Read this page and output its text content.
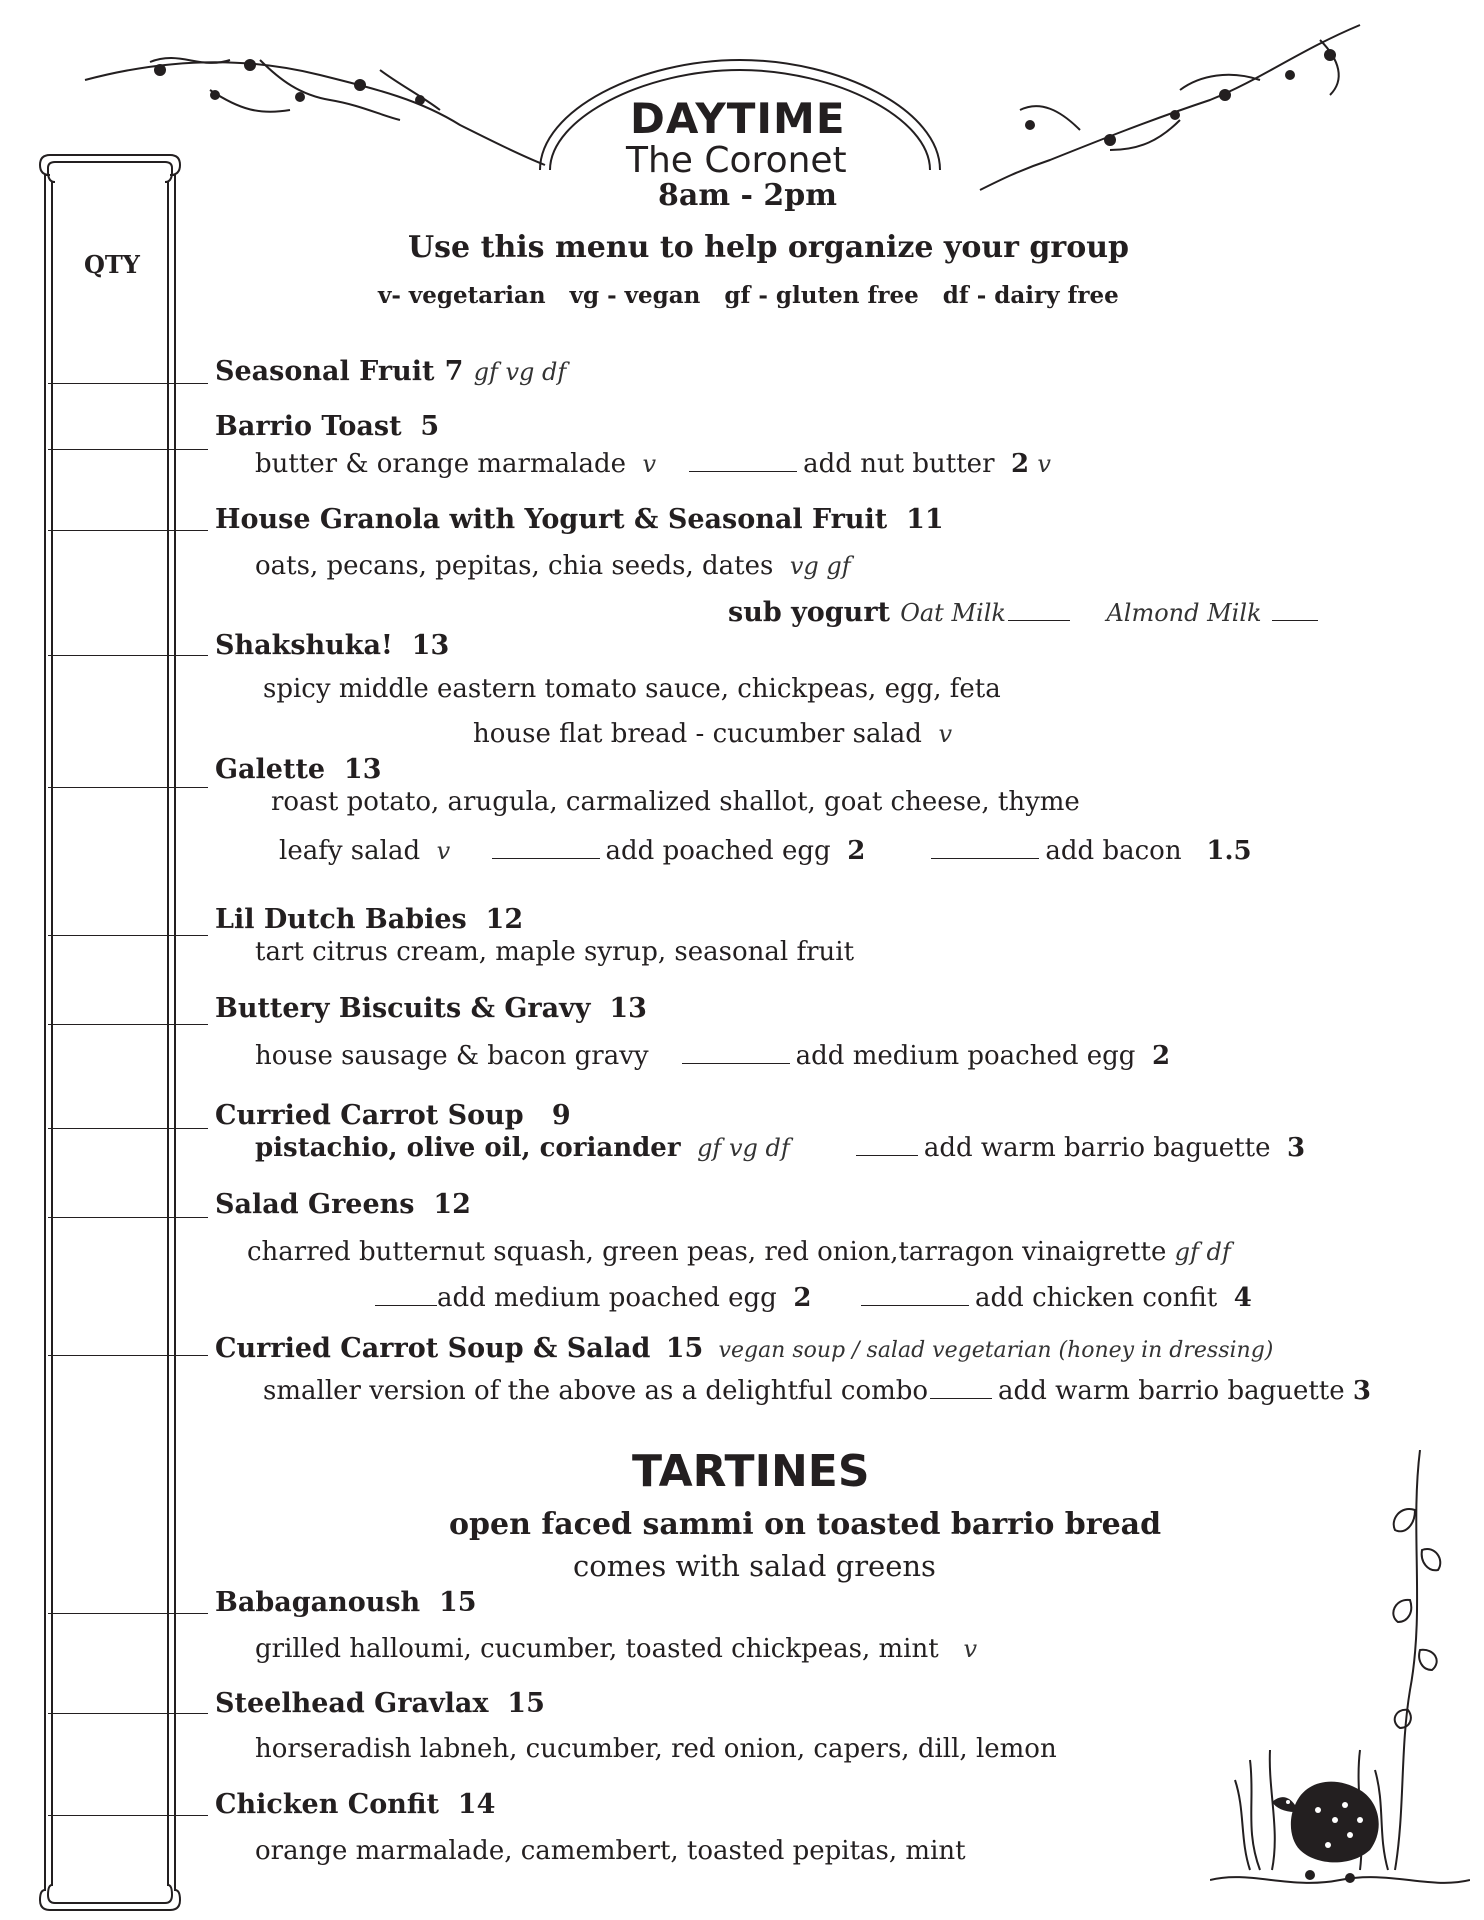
DAYTIME
The Coronet
8am - 2pm
Use this menu to help organize your group
v- vegetarian   vg - vegan   gf - gluten free   df - dairy free
QTY
Seasonal Fruit 7 gf vg df
Barrio Toast 5
butter & orange marmalade v	add nut butter 2 v
House Granola with Yogurt & Seasonal Fruit 11
oats, pecans, pepitas, chia seeds, dates vg gf
sub yogurt Oat Milk	Almond Milk
Shakshuka! 13
spicy middle eastern tomato sauce, chickpeas, egg, feta
house flat bread - cucumber salad v
Galette 13
roast potato, arugula, carmalized shallot, goat cheese, thyme
leafy salad v	add poached egg 2	add bacon 1.5
Lil Dutch Babies 12
tart citrus cream, maple syrup, seasonal fruit
Buttery Biscuits & Gravy 13
house sausage & bacon gravy	add medium poached egg 2
Curried Carrot Soup 9
pistachio, olive oil, coriander gf vg df	add warm barrio baguette 3
Salad Greens 12
charred butternut squash, green peas, red onion,tarragon vinaigrette gf df
add medium poached egg 2	add chicken confit 4
Curried Carrot Soup & Salad 15 vegan soup / salad vegetarian (honey in dressing)
smaller version of the above as a delightful combo	add warm barrio baguette 3
TARTINES
open faced sammi on toasted barrio bread
comes with salad greens
Babaganoush 15
grilled halloumi, cucumber, toasted chickpeas, mint v
Steelhead Gravlax 15
horseradish labneh, cucumber, red onion, capers, dill, lemon
Chicken Confit 14
orange marmalade, camembert, toasted pepitas, mint
